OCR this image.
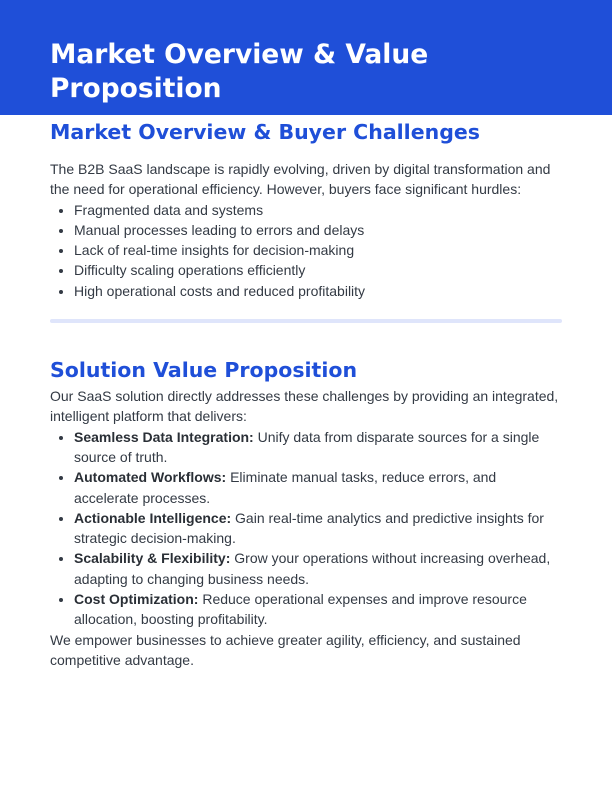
Market Overview & Value Proposition
Market Overview & Buyer Challenges

The B2B SaaS landscape is rapidly evolving, driven by digital transformation and the need for operational efficiency. However, buyers face significant hurdles:

• Fragmented data and systems
• Manual processes leading to errors and delays
• Lack of real-time insights for decision-making
• Difficulty scaling operations efficiently
• High operational costs and reduced profitability
Solution Value Proposition

Our SaaS solution directly addresses these challenges by providing an integrated, intelligent platform that delivers:

• Seamless Data Integration: Unify data from disparate sources for a single source of truth.
• Automated Workflows: Eliminate manual tasks, reduce errors, and accelerate processes.
• Actionable Intelligence: Gain real-time analytics and predictive insights for strategic decision-making.
• Scalability & Flexibility: Grow your operations without increasing overhead, adapting to changing business needs.
• Cost Optimization: Reduce operational expenses and improve resource allocation, boosting profitability.

We empower businesses to achieve greater agility, efficiency, and sustained competitive advantage.
